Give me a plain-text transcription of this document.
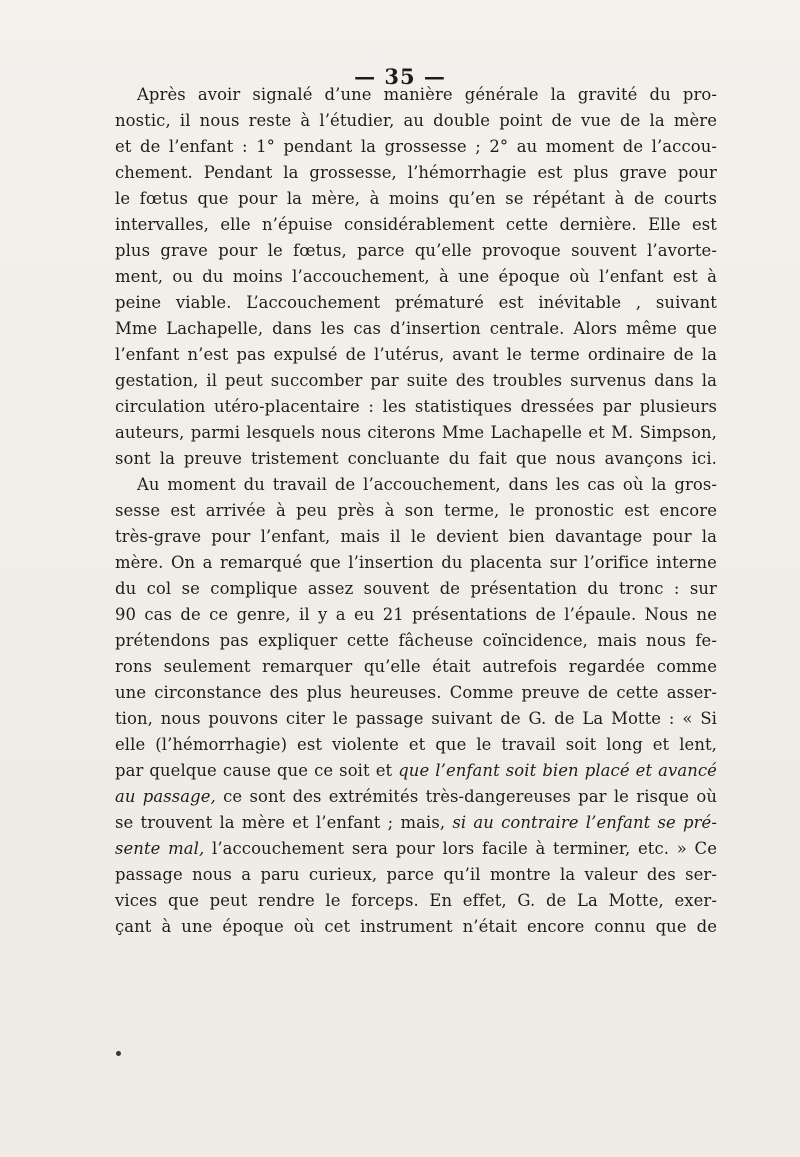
— 35 —
Après avoir signalé d’une manière générale la gravité du pro-
nostic, il nous reste à l’étudier, au double point de vue de la mère
et de l’enfant : 1° pendant la grossesse ; 2° au moment de l’accou-
chement. Pendant la grossesse, l’hémorrhagie est plus grave pour
le fœtus que pour la mère, à moins qu’en se répétant à de courts
intervalles, elle n’épuise considérablement cette dernière. Elle est
plus grave pour le fœtus, parce qu’elle provoque souvent l’avorte-
ment, ou du moins l’accouchement, à une époque où l’enfant est à
peine viable. L’accouchement prématuré est inévitable , suivant
Mme Lachapelle, dans les cas d’insertion centrale. Alors même que
l’enfant n’est pas expulsé de l’utérus, avant le terme ordinaire de la
gestation, il peut succomber par suite des troubles survenus dans la
circulation utéro-placentaire : les statistiques dressées par plusieurs
auteurs, parmi lesquels nous citerons Mme Lachapelle et M. Simpson,
sont la preuve tristement concluante du fait que nous avançons ici.
Au moment du travail de l’accouchement, dans les cas où la gros-
sesse est arrivée à peu près à son terme, le pronostic est encore
très-grave pour l’enfant, mais il le devient bien davantage pour la
mère. On a remarqué que l’insertion du placenta sur l’orifice interne
du col se complique assez souvent de présentation du tronc : sur
90 cas de ce genre, il y a eu 21 présentations de l’épaule. Nous ne
prétendons pas expliquer cette fâcheuse coïncidence, mais nous fe-
rons seulement remarquer qu’elle était autrefois regardée comme
une circonstance des plus heureuses. Comme preuve de cette asser-
tion, nous pouvons citer le passage suivant de G. de La Motte : « Si
elle (l’hémorrhagie) est violente et que le travail soit long et lent,
par quelque cause que ce soit et que l’enfant soit bien placé et avancé
au passage, ce sont des extrémités très-dangereuses par le risque où
se trouvent la mère et l’enfant ; mais, si au contraire l’enfant se pré-
sente mal, l’accouchement sera pour lors facile à terminer, etc. » Ce
passage nous a paru curieux, parce qu’il montre la valeur des ser-
vices que peut rendre le forceps. En effet, G. de La Motte, exer-
çant à une époque où cet instrument n’était encore connu que de
